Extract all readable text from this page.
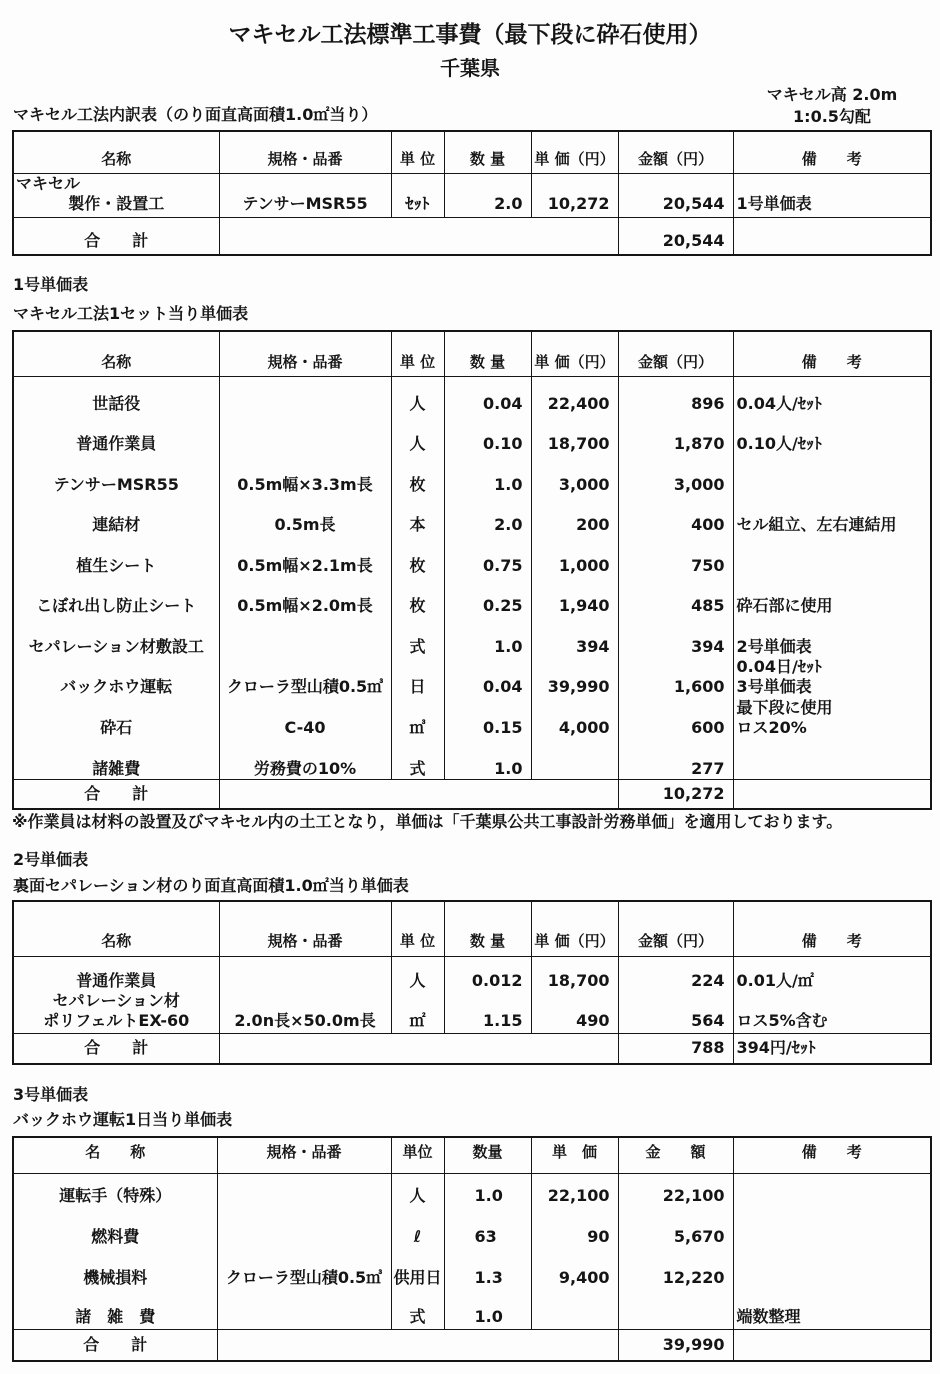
マキセル工法標準工事費（最下段に砕石使用）
千葉県
マキセル高 2.0m
1:0.5勾配
マキセル工法内訳表（のり面直高面積1.0㎡当り）
名称	規格・品番	単 位	数 量	単 価（円）	金額（円）	備　　考

マキセル
製作・設置工	テンサーMSR55	ｾｯﾄ	2.0	10,272	20,544	1号単価表
合　　計					20,544	
1号単価表
マキセル工法1セット当り単価表
名称	規格・品番	単 位	数 量	単 価（円）	金額（円）	備　　考
世話役		人	0.04	22,400	896	0.04人/ｾｯﾄ
普通作業員		人	0.10	18,700	1,870	0.10人/ｾｯﾄ
テンサーMSR55	0.5m幅×3.3m長	枚	1.0	3,000	3,000	
連結材	0.5m長	本	2.0	200	400	セル組立、左右連結用
植生シート	0.5m幅×2.1m長	枚	0.75	1,000	750	
こぼれ出し防止シート	0.5m幅×2.0m長	枚	0.25	1,940	485	砕石部に使用
セパレーション材敷設工		式	1.0	394	394	2号単価表
バックホウ運転	クローラ型山積0.5㎥	日	0.04	39,990	1,600	0.04日/ｾｯﾄ
3号単価表

砕石	C-40	㎥	0.15	4,000	600	最下段に使用
ロス20%

諸雑費	労務費の10%	式	1.0		277	
合　　計					10,272	
※作業員は材料の設置及びマキセル内の土工となり，単価は「千葉県公共工事設計労務単価」を適用しております。
2号単価表
裏面セパレーション材のり面直高面積1.0㎡当り単価表
名称	規格・品番	単 位	数 量	単 価（円）	金額（円）	備　　考
普通作業員		人	0.012	18,700	224	0.01人/㎡

セパレーション材
ポリフェルトEX-60	2.0n長×50.0m長	㎡	1.15	490	564	ロス5%含む
合　　計					788	394円/ｾｯﾄ
3号単価表
バックホウ運転1日当り単価表
名　　称	規格・品番	単位	数量	単　価	金　　額	備　　考
運転手（特殊）		人	1.0	22,100	22,100	
燃料費		ℓ	63	90	5,670	
機械損料	クローラ型山積0.5㎥	供用日	1.3	9,400	12,220	
諸　雑　費		式	1.0			端数整理
合　　計					39,990	
